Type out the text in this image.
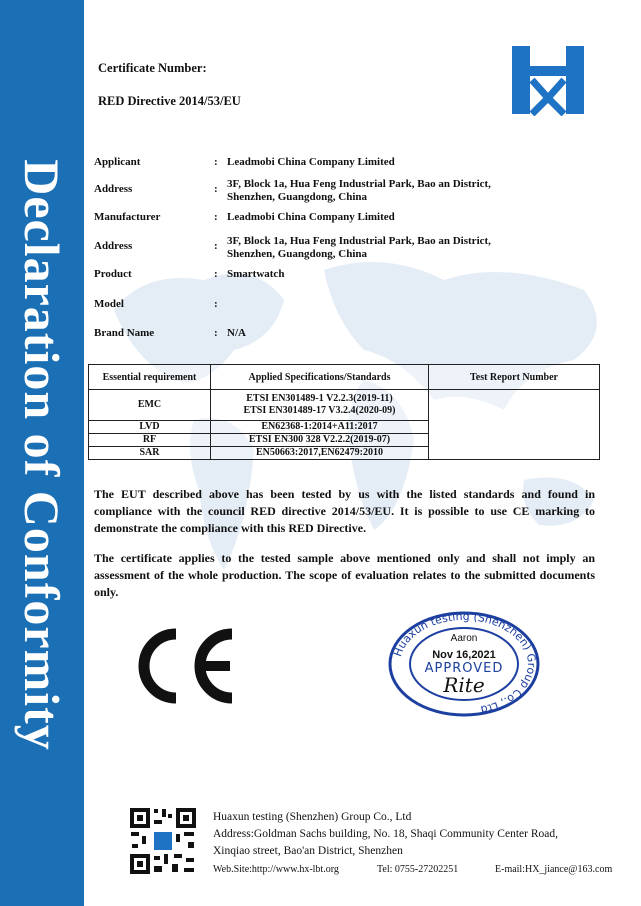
Declaration of Conformity
Certificate Number:
RED Directive 2014/53/EU
Applicant	: Leadmobi China Company Limited
Address	: 3F, Block 1a, Hua Feng Industrial Park, Bao an District,
Shenzhen, Guangdong, China
Manufacturer	: Leadmobi China Company Limited
Address	: 3F, Block 1a, Hua Feng Industrial Park, Bao an District,
Shenzhen, Guangdong, China
Product	: Smartwatch
Model	:
Brand Name	: N/A
Essential requirement	Applied Specifications/Standards	Test Report Number
EMC	ETSI EN301489-1 V2.2.3(2019-11)
ETSI EN301489-17 V3.2.4(2020-09)	

LVD	EN62368-1:2014+A11:2017	
RF	ETSI EN300 328 V2.2.2(2019-07)	
SAR	EN50663:2017,EN62479:2010	
The EUT described above has been tested by us with the listed standards and found in compliance with the council RED directive 2014/53/EU. It is possible to use CE marking to demonstrate the compliance with this RED Directive.
The certificate applies to the tested sample above mentioned only and shall not imply an assessment of the whole production. The scope of evaluation relates to the submitted documents only.
Huaxun testing (Shenzhen) Group Co., Ltd
Aaron
Nov 16,2021
APPROVED
Rite
Huaxun testing (Shenzhen) Group Co., Ltd
Address:Goldman Sachs building, No. 18, Shaqi Community Center Road,
Xinqiao street, Bao'an District, Shenzhen
Web.Site:http://www.hx-lbt.org	Tel: 0755-27202251	E-mail:HX_jiance@163.com
